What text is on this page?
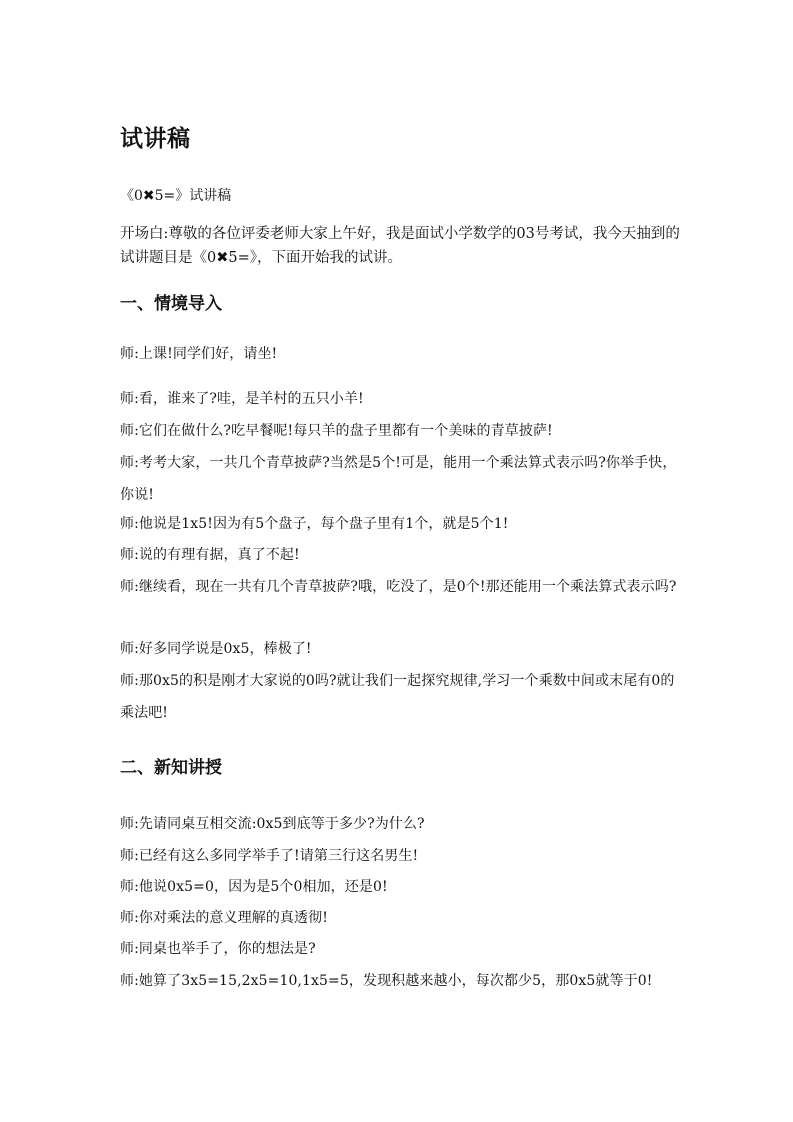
试讲稿

《0✖5=》试讲稿

开场白:尊敬的各位评委老师大家上午好，我是面试小学数学的03号考试，我今天抽到的试讲题目是《0✖5=》，下面开始我的试讲。

一、情境导入

师:上课!同学们好，请坐!

师:看，谁来了?哇，是羊村的五只小羊!

师:它们在做什么?吃早餐呢!每只羊的盘子里都有一个美味的青草披萨!

师:考考大家，一共几个青草披萨?当然是5个!可是，能用一个乘法算式表示吗?你举手快，你说!

师:他说是1x5!因为有5个盘子，每个盘子里有1个，就是5个1!

师:说的有理有据，真了不起!

师:继续看，现在一共有几个青草披萨?哦，吃没了，是0个!那还能用一个乘法算式表示吗?

师:好多同学说是0x5，棒极了!

师:那0x5的积是刚才大家说的0吗?就让我们一起探究规律,学习一个乘数中间或末尾有0的乘法吧!

二、新知讲授

师:先请同桌互相交流:0x5到底等于多少?为什么?

师:已经有这么多同学举手了!请第三行这名男生!

师:他说0x5=0，因为是5个0相加，还是0!

师:你对乘法的意义理解的真透彻!

师:同桌也举手了，你的想法是?

师:她算了3x5=15,2x5=10,1x5=5，发现积越来越小，每次都少5，那0x5就等于0!
